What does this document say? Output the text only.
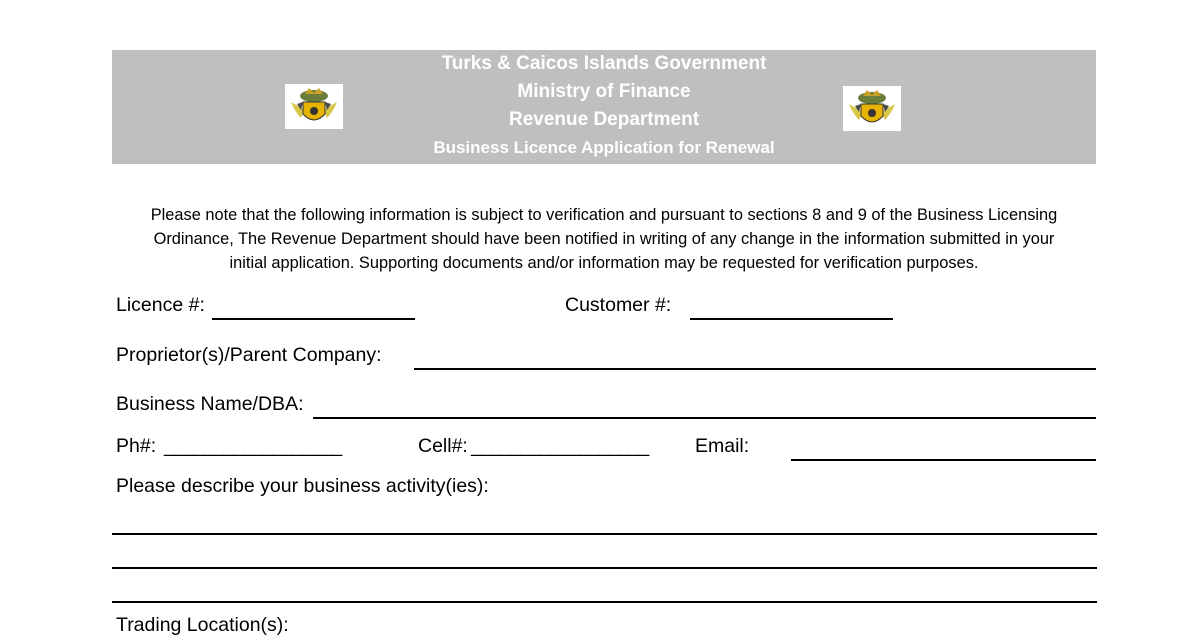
Turks & Caicos Islands Government
Ministry of Finance
Revenue Department
Business Licence Application for Renewal
Please note that the following information is subject to verification and pursuant to sections 8 and 9 of the Business Licensing
Ordinance, The Revenue Department should have been notified in writing of any change in the information submitted in your
initial application. Supporting documents and/or information may be requested for verification purposes.
Licence #:	Customer #:
Proprietor(s)/Parent Company:
Business Name/DBA:
Ph#: __________________	Cell#: __________________ Email:
Please describe your business activity(ies):
Trading Location(s):
